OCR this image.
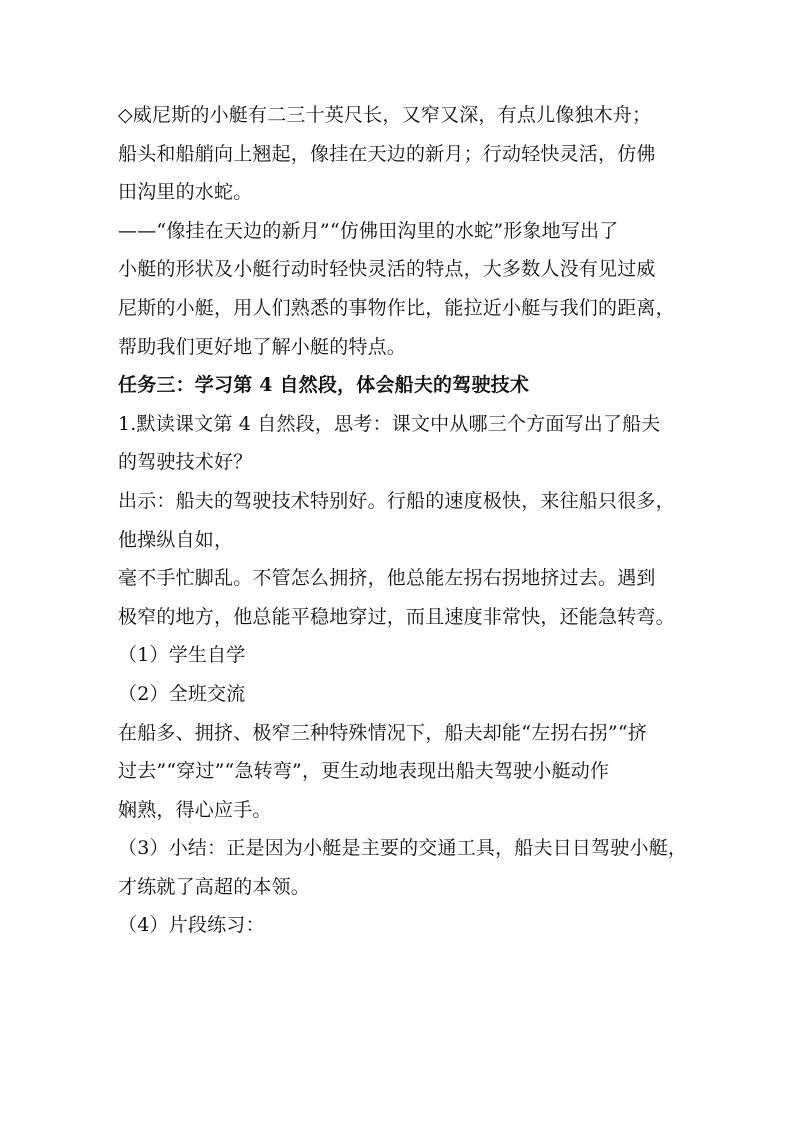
◇威尼斯的小艇有二三十英尺长，又窄又深，有点儿像独木舟；
船头和船艄向上翘起，像挂在天边的新月；行动轻快灵活，仿佛
田沟里的水蛇。
——“像挂在天边的新月”“仿佛田沟里的水蛇”形象地写出了
小艇的形状及小艇行动时轻快灵活的特点，大多数人没有见过威
尼斯的小艇，用人们熟悉的事物作比，能拉近小艇与我们的距离，
帮助我们更好地了解小艇的特点。
任务三：学习第 4 自然段，体会船夫的驾驶技术
1.默读课文第 4 自然段，思考：课文中从哪三个方面写出了船夫
的驾驶技术好？
出示：船夫的驾驶技术特别好。行船的速度极快，来往船只很多，
他操纵自如，
毫不手忙脚乱。不管怎么拥挤，他总能左拐右拐地挤过去。遇到
极窄的地方，他总能平稳地穿过，而且速度非常快，还能急转弯。
（1）学生自学
（2）全班交流
在船多、拥挤、极窄三种特殊情况下，船夫却能“左拐右拐”“挤
过去”“穿过”“急转弯”，更生动地表现出船夫驾驶小艇动作
娴熟，得心应手。
（3）小结：正是因为小艇是主要的交通工具，船夫日日驾驶小艇，
才练就了高超的本领。
（4）片段练习：
